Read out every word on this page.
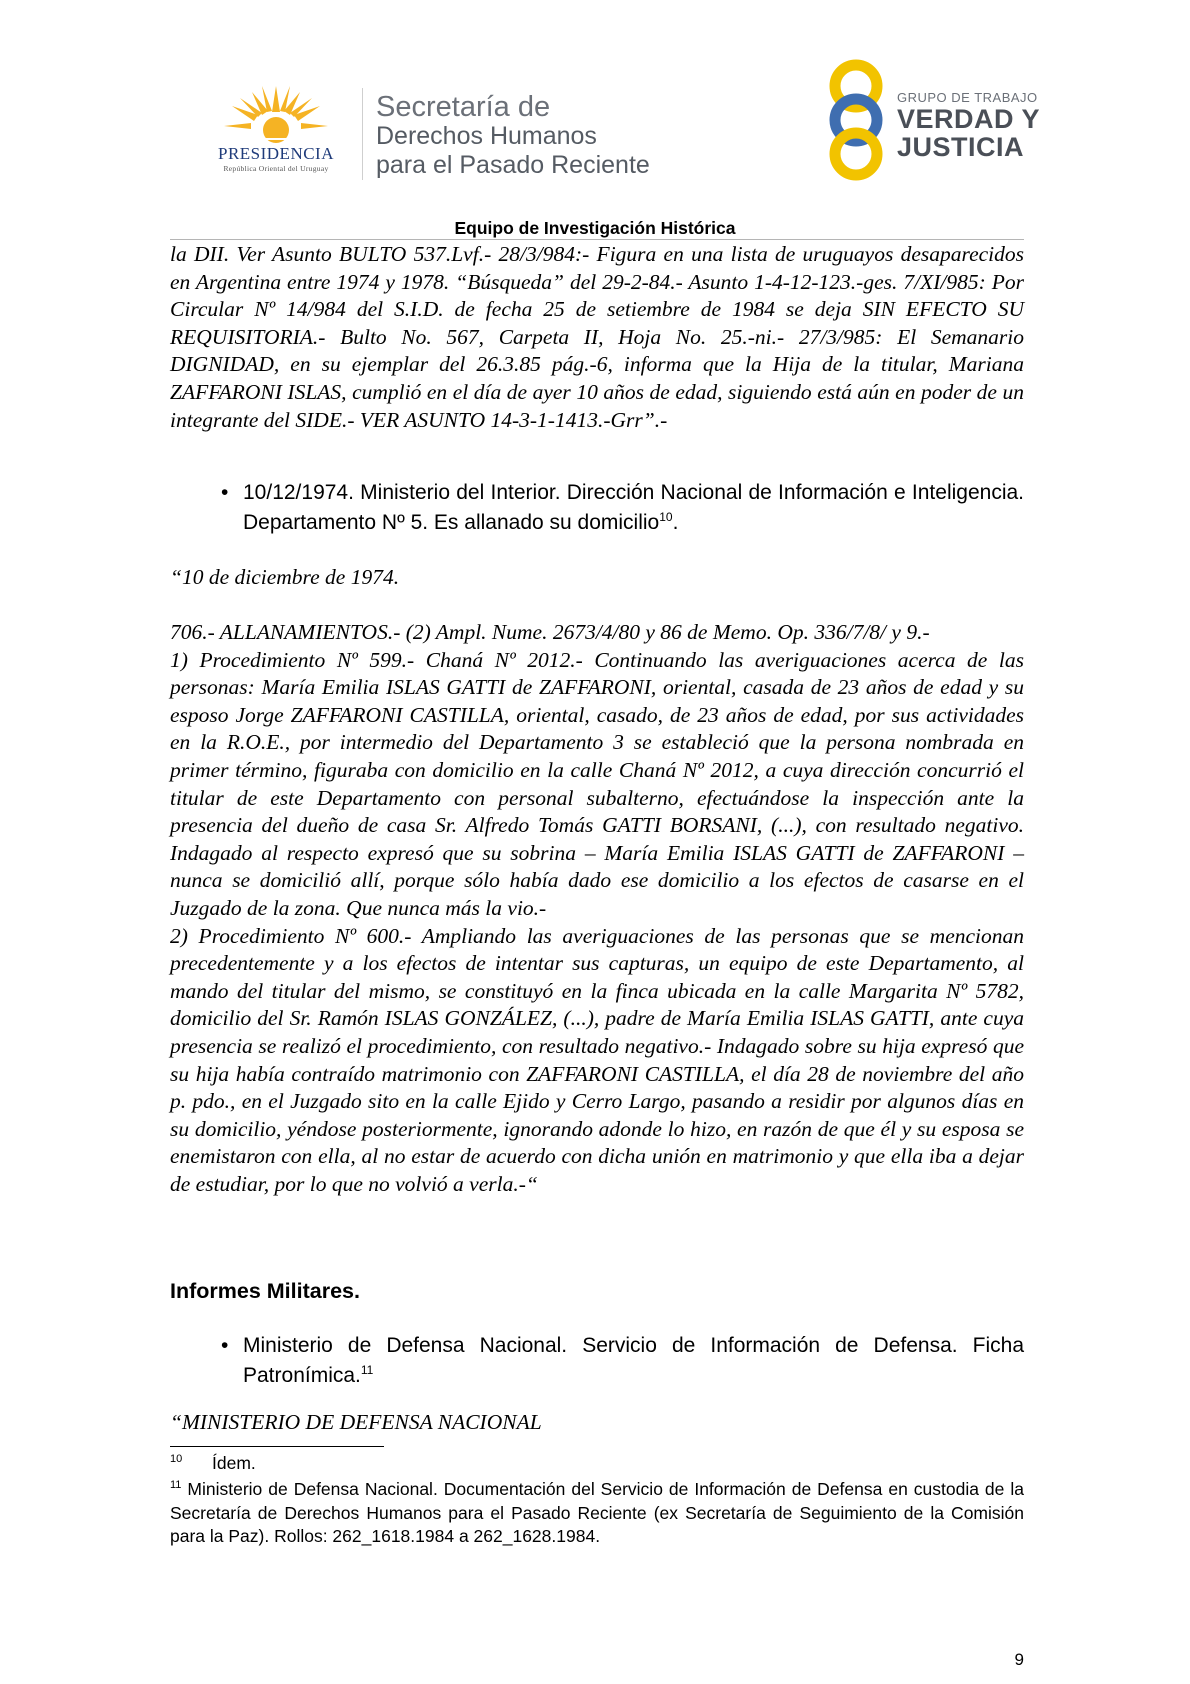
PRESIDENCIA
República Oriental del Uruguay
Secretaría de
Derechos Humanos
para el Pasado Reciente
GRUPO DE TRABAJO
VERDAD Y
JUSTICIA
Equipo de Investigación Histórica
la DII. Ver Asunto BULTO 537.Lvf.- 28/3/984:- Figura en una lista de uruguayos desaparecidos en Argentina entre 1974 y 1978. “Búsqueda” del 29-2-84.- Asunto 1-4-12-123.-ges. 7/XI/985: Por Circular Nº 14/984 del S.I.D. de fecha 25 de setiembre de 1984 se deja SIN EFECTO SU REQUISITORIA.- Bulto No. 567, Carpeta II, Hoja No. 25.-ni.- 27/3/985: El Semanario DIGNIDAD, en su ejemplar del 26.3.85 pág.-6, informa que la Hija de la titular, Mariana ZAFFARONI ISLAS, cumplió en el día de ayer 10 años de edad, siguiendo está aún en poder de un integrante del SIDE.- VER ASUNTO 14-3-1-1413.-Grr”.-
• 10/12/1974. Ministerio del Interior. Dirección Nacional de Información e Inteligencia. Departamento Nº 5. Es allanado su domicilio$^{10}$.
“10 de diciembre de 1974.
706.- ALLANAMIENTOS.- (2) Ampl. Nume. 2673/4/80 y 86 de Memo. Op. 336/7/8/ y 9.-
1) Procedimiento Nº 599.- Chaná Nº 2012.- Continuando las averiguaciones acerca de las personas: María Emilia ISLAS GATTI de ZAFFARONI, oriental, casada de 23 años de edad y su esposo Jorge ZAFFARONI CASTILLA, oriental, casado, de 23 años de edad, por sus actividades en la R.O.E., por intermedio del Departamento 3 se estableció que la persona nombrada en primer término, figuraba con domicilio en la calle Chaná Nº 2012, a cuya dirección concurrió el titular de este Departamento con personal subalterno, efectuándose la inspección ante la presencia del dueño de casa Sr. Alfredo Tomás GATTI BORSANI, (...), con resultado negativo. Indagado al respecto expresó que su sobrina – María Emilia ISLAS GATTI de ZAFFARONI – nunca se domicilió allí, porque sólo había dado ese domicilio a los efectos de casarse en el Juzgado de la zona. Que nunca más la vio.-
2) Procedimiento Nº 600.- Ampliando las averiguaciones de las personas que se mencionan precedentemente y a los efectos de intentar sus capturas, un equipo de este Departamento, al mando del titular del mismo, se constituyó en la finca ubicada en la calle Margarita Nº 5782, domicilio del Sr. Ramón ISLAS GONZÁLEZ, (...), padre de María Emilia ISLAS GATTI, ante cuya presencia se realizó el procedimiento, con resultado negativo.- Indagado sobre su hija expresó que su hija había contraído matrimonio con ZAFFARONI CASTILLA, el día 28 de noviembre del año p. pdo., en el Juzgado sito en la calle Ejido y Cerro Largo, pasando a residir por algunos días en su domicilio, yéndose posteriormente, ignorando adonde lo hizo, en razón de que él y su esposa se enemistaron con ella, al no estar de acuerdo con dicha unión en matrimonio y que ella iba a dejar de estudiar, por lo que no volvió a verla.-“
Informes Militares.
• Ministerio de Defensa Nacional. Servicio de Información de Defensa. Ficha Patronímica.$^{11}$
“MINISTERIO DE DEFENSA NACIONAL
10 Ídem.
$^{11}$ Ministerio de Defensa Nacional. Documentación del Servicio de Información de Defensa en custodia de la Secretaría de Derechos Humanos para el Pasado Reciente (ex Secretaría de Seguimiento de la Comisión para la Paz). Rollos: 262_1618.1984 a 262_1628.1984.
9
